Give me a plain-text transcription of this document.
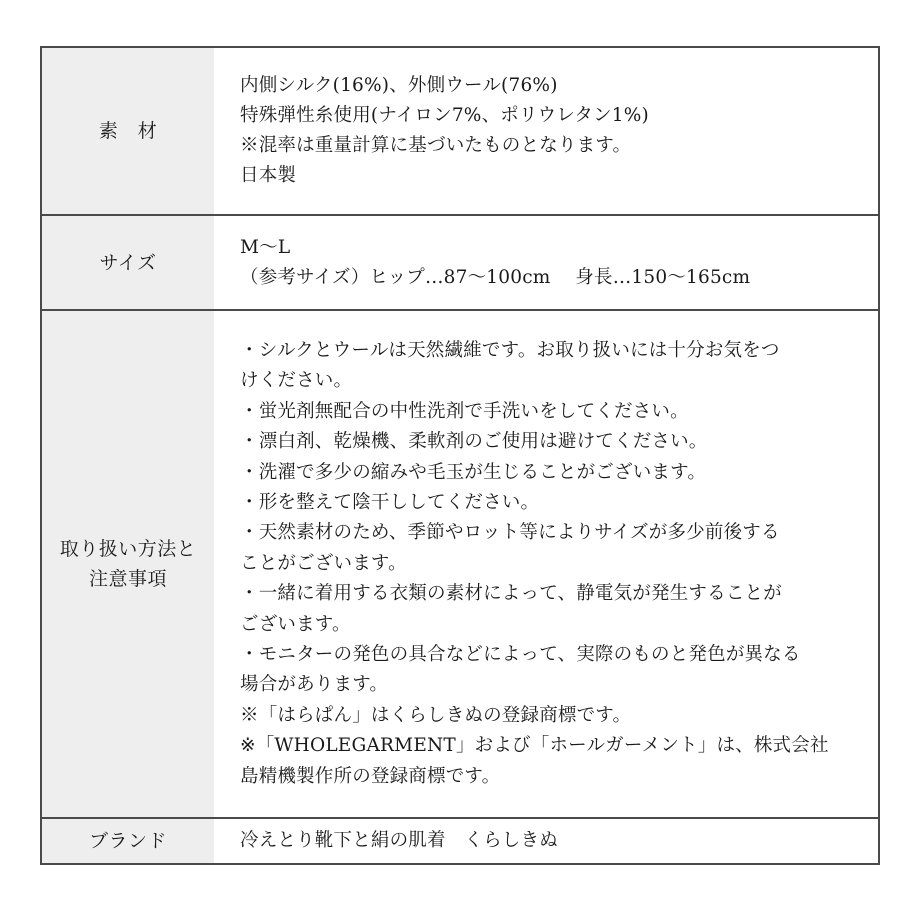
素　材
内側シルク(16%)、外側ウール(76%)
特殊弾性糸使用(ナイロン7%、ポリウレタン1%)
※混率は重量計算に基づいたものとなります。
日本製
サイズ
M〜L
（参考サイズ）ヒップ…87〜100cm　 身長…150〜165cm
取り扱い方法と
注意事項
・シルクとウールは天然繊維です。お取り扱いには十分お気をつ
けください。
・蛍光剤無配合の中性洗剤で手洗いをしてください。
・漂白剤、乾燥機、柔軟剤のご使用は避けてください。
・洗濯で多少の縮みや毛玉が生じることがございます。
・形を整えて陰干ししてください。
・天然素材のため、季節やロット等によりサイズが多少前後する
ことがございます。
・一緒に着用する衣類の素材によって、静電気が発生することが
ございます。
・モニターの発色の具合などによって、実際のものと発色が異なる
場合があります。
※「はらぱん」はくらしきぬの登録商標です。
※「WHOLEGARMENT」および「ホールガーメント」は、株式会社
島精機製作所の登録商標です。
ブランド	冷えとり靴下と絹の肌着　くらしきぬ
